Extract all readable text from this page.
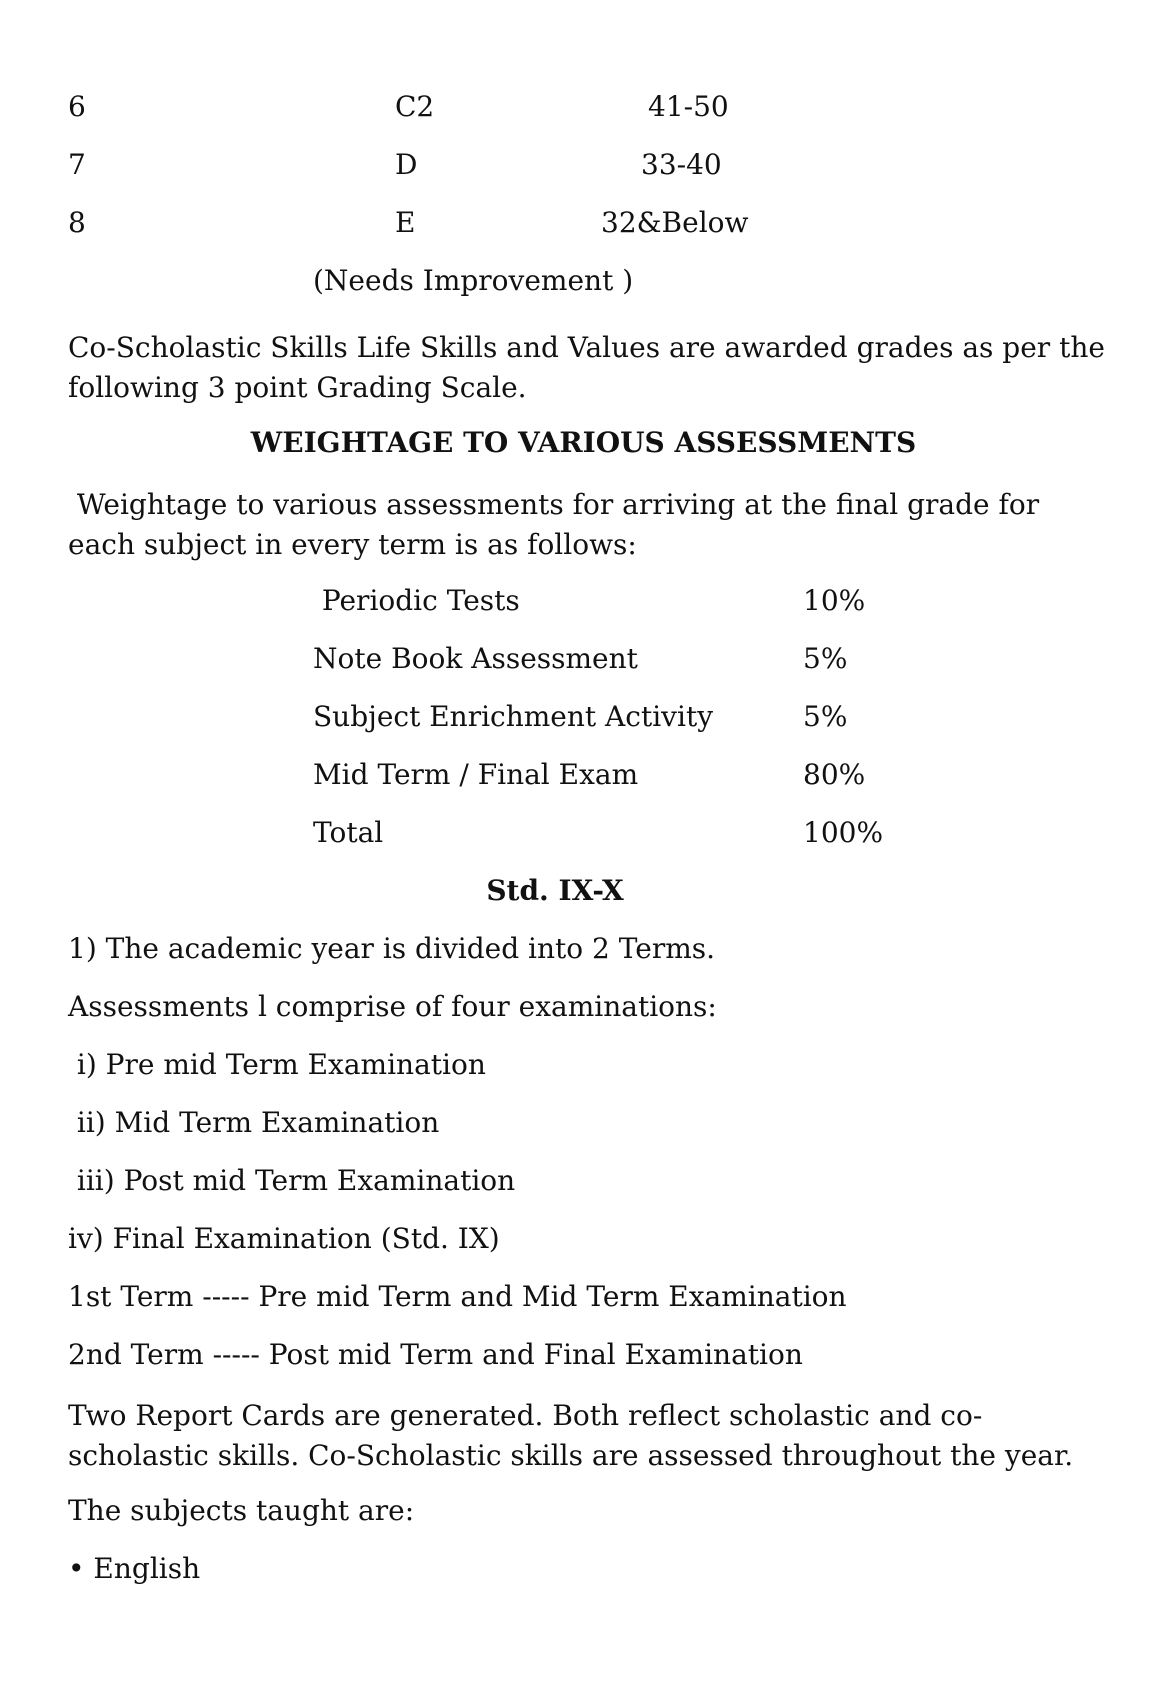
6	C2	41-50
7	D	33-40
8	E	32&Below
(Needs Improvement )
Co-Scholastic Skills Life Skills and Values are awarded grades as per the following 3 point Grading Scale.
WEIGHTAGE TO VARIOUS ASSESSMENTS
Weightage to various assessments for arriving at the final grade for each subject in every term is as follows:
Periodic Tests	10%
Note Book Assessment	5%
Subject Enrichment Activity	5%
Mid Term / Final Exam	80%
Total	100%
Std. IX-X
1) The academic year is divided into 2 Terms.
Assessments l comprise of four examinations:
i) Pre mid Term Examination
ii) Mid Term Examination
iii) Post mid Term Examination
iv) Final Examination (Std. IX)
1st Term ----- Pre mid Term and Mid Term Examination
2nd Term ----- Post mid Term and Final Examination
Two Report Cards are generated. Both reflect scholastic and co-scholastic skills. Co-Scholastic skills are assessed throughout the year.
The subjects taught are:
• English
